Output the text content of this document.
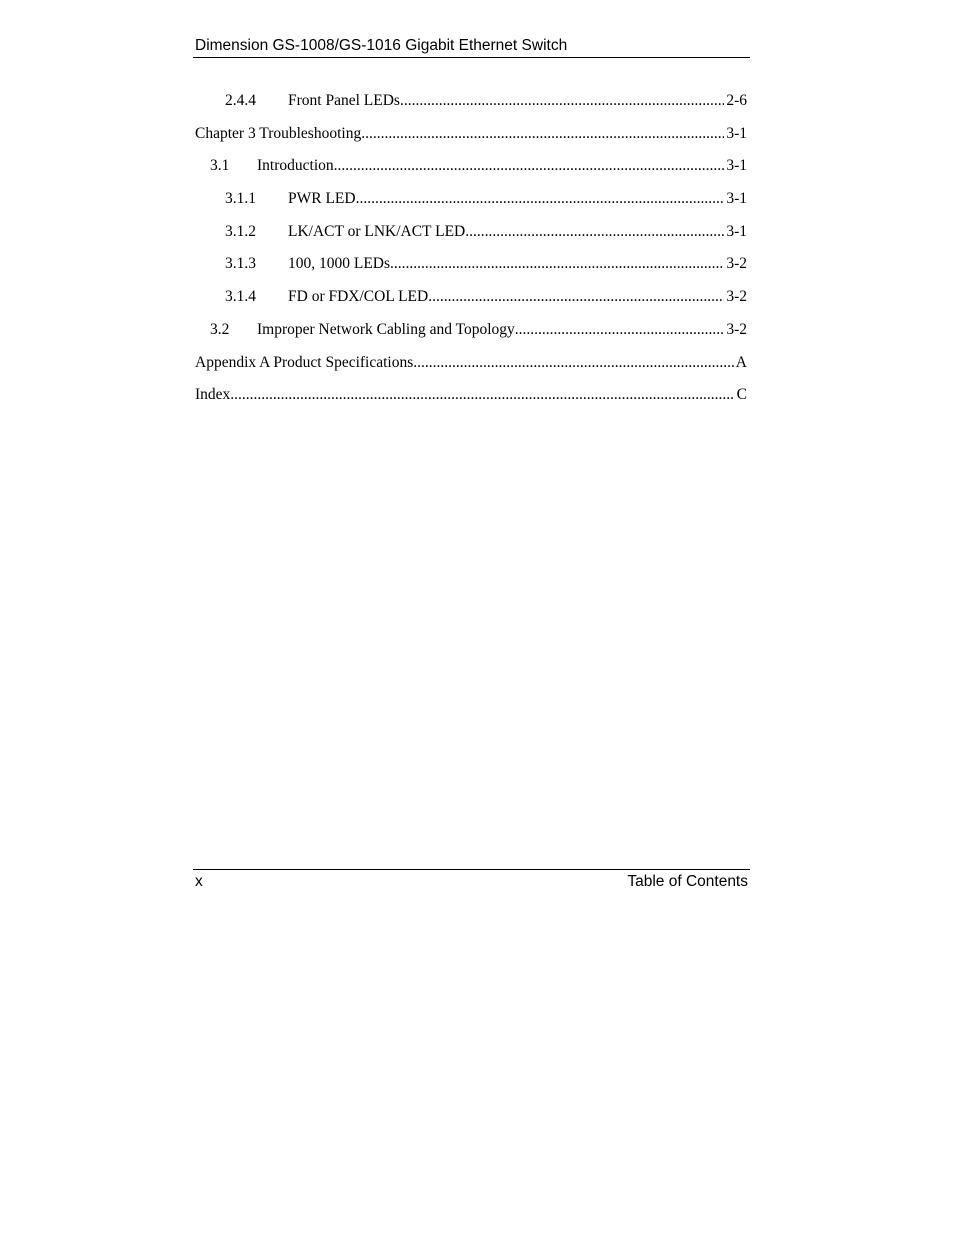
Dimension GS-1008/GS-1016 Gigabit Ethernet Switch
2.4.4	Front Panel LEDs .....	2-6
Chapter 3 Troubleshooting .....	3-1
3.1	Introduction .....	3-1
3.1.1	PWR LED .....	3-1
3.1.2	LK/ACT or LNK/ACT LED .....	3-1
3.1.3	100, 1000 LEDs .....	3-2
3.1.4	FD or FDX/COL LED .....	3-2
3.2	Improper Network Cabling and Topology .....	3-2
Appendix A Product Specifications .....	A
Index .....	C
x	Table of Contents
